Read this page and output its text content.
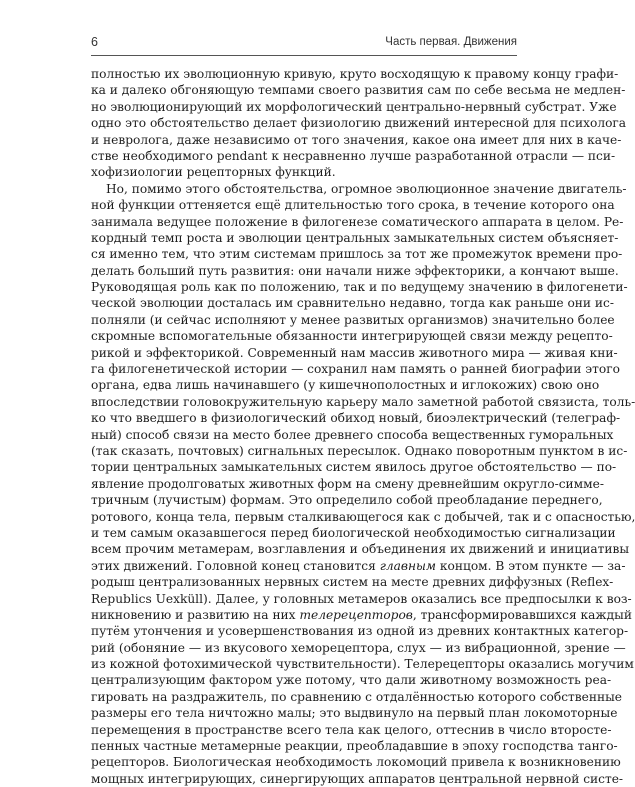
6	Часть первая. Движения
полностью их эволюционную кривую, круто восходящую к правому концу графи-
ка и далеко обгоняющую темпами своего развития сам по себе весьма не медлен-
но эволюционирующий их морфологический центрально-нервный субстрат. Уже
одно это обстоятельство делает физиологию движений интересной для психолога
и невролога, даже независимо от того значения, какое она имеет для них в каче-
стве необходимого pendant к несравненно лучше разработанной отрасли — пси-
хофизиологии рецепторных функций.
Но, помимо этого обстоятельства, огромное эволюционное значение двигатель-
ной функции оттеняется ещё длительностью того срока, в течение которого она
занимала ведущее положение в филогенезе соматического аппарата в целом. Ре-
кордный темп роста и эволюции центральных замыкательных систем объясняет-
ся именно тем, что этим системам пришлось за тот же промежуток времени про-
делать больший путь развития: они начали ниже эффекторики, а кончают выше.
Руководящая роль как по положению, так и по ведущему значению в филогенети-
ческой эволюции досталась им сравнительно недавно, тогда как раньше они ис-
полняли (и сейчас исполняют у менее развитых организмов) значительно более
скромные вспомогательные обязанности интегрирующей связи между рецепто-
рикой и эффекторикой. Современный нам массив животного мира — живая кни-
га филогенетической истории — сохранил нам память о ранней биографии этого
органа, едва лишь начинавшего (у кишечнополостных и иглокожих) свою оно
впоследствии головокружительную карьеру мало заметной работой связиста, толь-
ко что введшего в физиологический обиход новый, биоэлектрический (телеграф-
ный) способ связи на место более древнего способа вещественных гуморальных
(так сказать, почтовых) сигнальных пересылок. Однако поворотным пунктом в ис-
тории центральных замыкательных систем явилось другое обстоятельство — по-
явление продолговатых животных форм на смену древнейшим округло-симме-
тричным (лучистым) формам. Это определило собой преобладание переднего,
ротового, конца тела, первым сталкивающегося как с добычей, так и с опасностью,
и тем самым оказавшегося перед биологической необходимостью сигнализации
всем прочим метамерам, возглавления и объединения их движений и инициативы
этих движений. Головной конец становится главным концом. В этом пункте — за-
родыш централизованных нервных систем на месте древних диффузных (Reflex-
Republics Uexküll). Далее, у головных метамеров оказались все предпосылки к воз-
никновению и развитию на них телерецепторов, трансформировавшихся каждый
путём утончения и усовершенствования из одной из древних контактных категор-
рий (обоняние — из вкусового хеморецептора, слух — из вибрационной, зрение —
из кожной фотохимической чувствительности). Телерецепторы оказались могучим
централизующим фактором уже потому, что дали животному возможность реа-
гировать на раздражитель, по сравнению с отдалённостью которого собственные
размеры его тела ничтожно малы; это выдвинуло на первый план локомоторные
перемещения в пространстве всего тела как целого, оттеснив в число второсте-
пенных частные метамерные реакции, преобладавшие в эпоху господства танго-
рецепторов. Биологическая необходимость локомоций привела к возникновению
мощных интегрирующих, синергирующих аппаратов центральной нервной систе-
